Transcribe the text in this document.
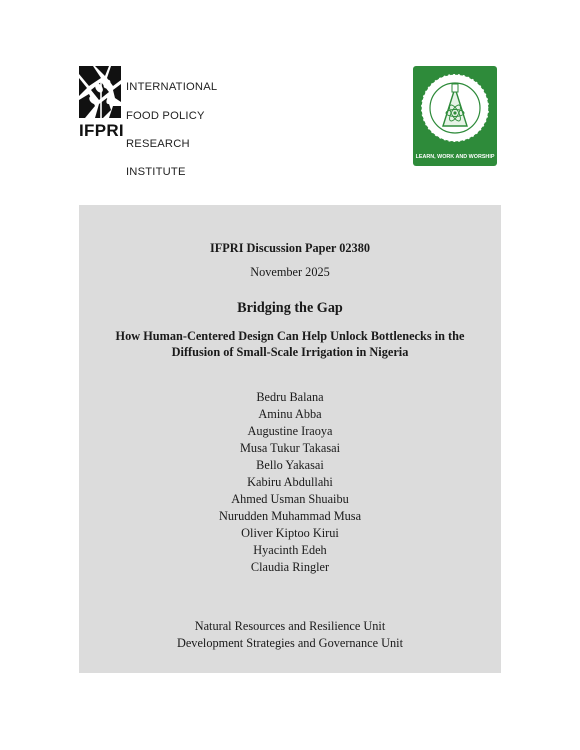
IFPRI

INTERNATIONAL

FOOD POLICY

RESEARCH

INSTITUTE

LEARN, WORK AND WORSHIP
IFPRI Discussion Paper 02380
November 2025
Bridging the Gap
How Human-Centered Design Can Help Unlock Bottlenecks in the Diffusion of Small-Scale Irrigation in Nigeria
Bedru Balana
Aminu Abba
Augustine Iraoya
Musa Tukur Takasai
Bello Yakasai
Kabiru Abdullahi
Ahmed Usman Shuaibu
Nurudden Muhammad Musa
Oliver Kiptoo Kirui
Hyacinth Edeh
Claudia Ringler
Natural Resources and Resilience Unit
Development Strategies and Governance Unit
